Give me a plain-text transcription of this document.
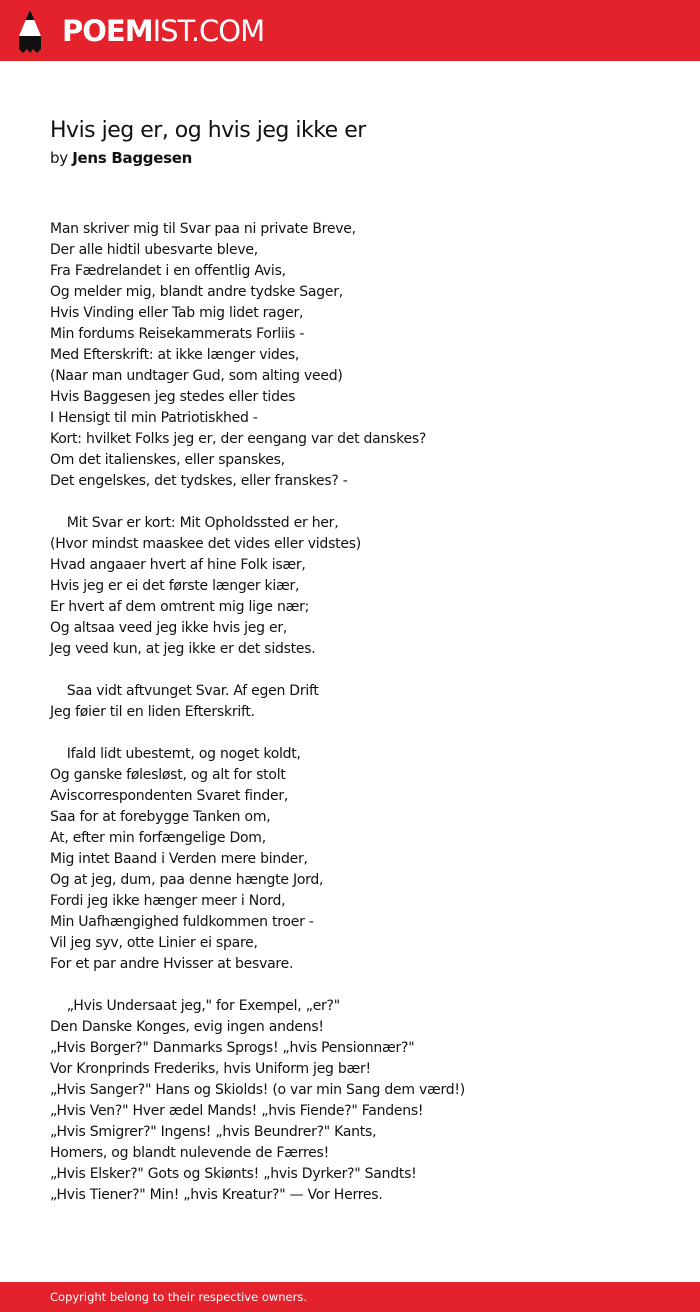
POEMIST.COM
Hvis jeg er, og hvis jeg ikke er
by Jens Baggesen
Man skriver mig til Svar paa ni private Breve,
Der alle hidtil ubesvarte bleve,
Fra Fædrelandet i en offentlig Avis,
Og melder mig, blandt andre tydske Sager,
Hvis Vinding eller Tab mig lidet rager,
Min fordums Reisekammerats Forliis -
Med Efterskrift: at ikke længer vides,
(Naar man undtager Gud, som alting veed)
Hvis Baggesen jeg stedes eller tides
I Hensigt til min Patriotiskhed -
Kort: hvilket Folks jeg er, der eengang var det danskes?
Om det italienskes, eller spanskes,
Det engelskes, det tydskes, eller franskes? -
Mit Svar er kort: Mit Opholdssted er her,
(Hvor mindst maaskee det vides eller vidstes)
Hvad angaaer hvert af hine Folk især,
Hvis jeg er ei det første længer kiær,
Er hvert af dem omtrent mig lige nær;
Og altsaa veed jeg ikke hvis jeg er,
Jeg veed kun, at jeg ikke er det sidstes.
Saa vidt aftvunget Svar. Af egen Drift
Jeg føier til en liden Efterskrift.
Ifald lidt ubestemt, og noget koldt,
Og ganske følesløst, og alt for stolt
Aviscorrespondenten Svaret finder,
Saa for at forebygge Tanken om,
At, efter min forfængelige Dom,
Mig intet Baand i Verden mere binder,
Og at jeg, dum, paa denne hængte Jord,
Fordi jeg ikke hænger meer i Nord,
Min Uafhængighed fuldkommen troer -
Vil jeg syv, otte Linier ei spare,
For et par andre Hvisser at besvare.
„Hvis Undersaat jeg," for Exempel, „er?"
Den Danske Konges, evig ingen andens!
„Hvis Borger?" Danmarks Sprogs! „hvis Pensionnær?"
Vor Kronprinds Frederiks, hvis Uniform jeg bær!
„Hvis Sanger?" Hans og Skiolds! (o var min Sang dem værd!)
„Hvis Ven?" Hver ædel Mands! „hvis Fiende?" Fandens!
„Hvis Smigrer?" Ingens! „hvis Beundrer?" Kants,
Homers, og blandt nulevende de Færres!
„Hvis Elsker?" Gots og Skiønts! „hvis Dyrker?" Sandts!
„Hvis Tiener?" Min! „hvis Kreatur?" — Vor Herres.
Copyright belong to their respective owners.
